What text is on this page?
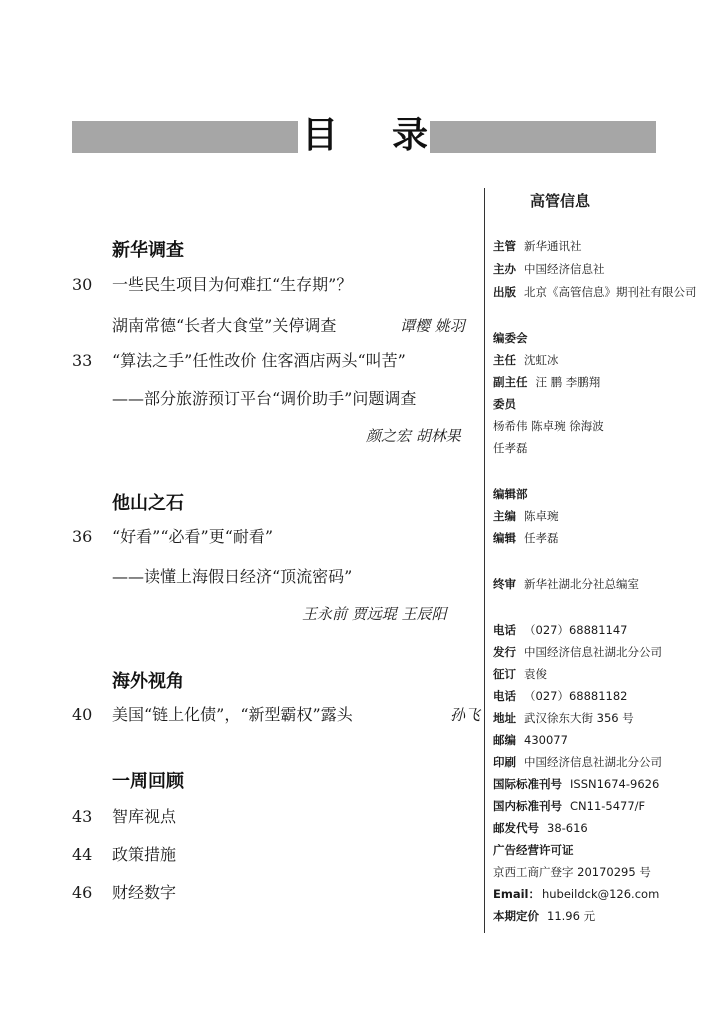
目 录
新华调查
30	一些民生项目为何难扛“生存期”？
湖南常德“长者大食堂”关停调查	谭樱 姚羽
33	“算法之手”任性改价 住客酒店两头“叫苦”
——部分旅游预订平台“调价助手”问题调查
颜之宏 胡林果
他山之石
36	“好看”“必看”更“耐看”
——读懂上海假日经济“顶流密码”
王永前 贾远琨 王辰阳
海外视角
40	美国“链上化债”，“新型霸权”露头	孙飞
一周回顾
43	智库视点
44	政策措施
46	财经数字
高管信息
主管 新华通讯社
主办 中国经济信息社
出版 北京《高管信息》期刊社有限公司
编委会
主任 沈虹冰
副主任 汪 鹏 李鹏翔
委员
杨希伟 陈卓琬 徐海波
任孝磊
编辑部
主编 陈卓琬
编辑 任孝磊
终审 新华社湖北分社总编室
电话 （027）68881147
发行 中国经济信息社湖北分公司
征订 袁俊
电话 （027）68881182
地址 武汉徐东大街 356 号
邮编 430077
印刷 中国经济信息社湖北分公司
国际标准刊号 ISSN1674-9626
国内标准刊号 CN11-5477/F
邮发代号 38-616
广告经营许可证
京西工商广登字 20170295 号
Email： hubeildck@126.com
本期定价 11.96 元
